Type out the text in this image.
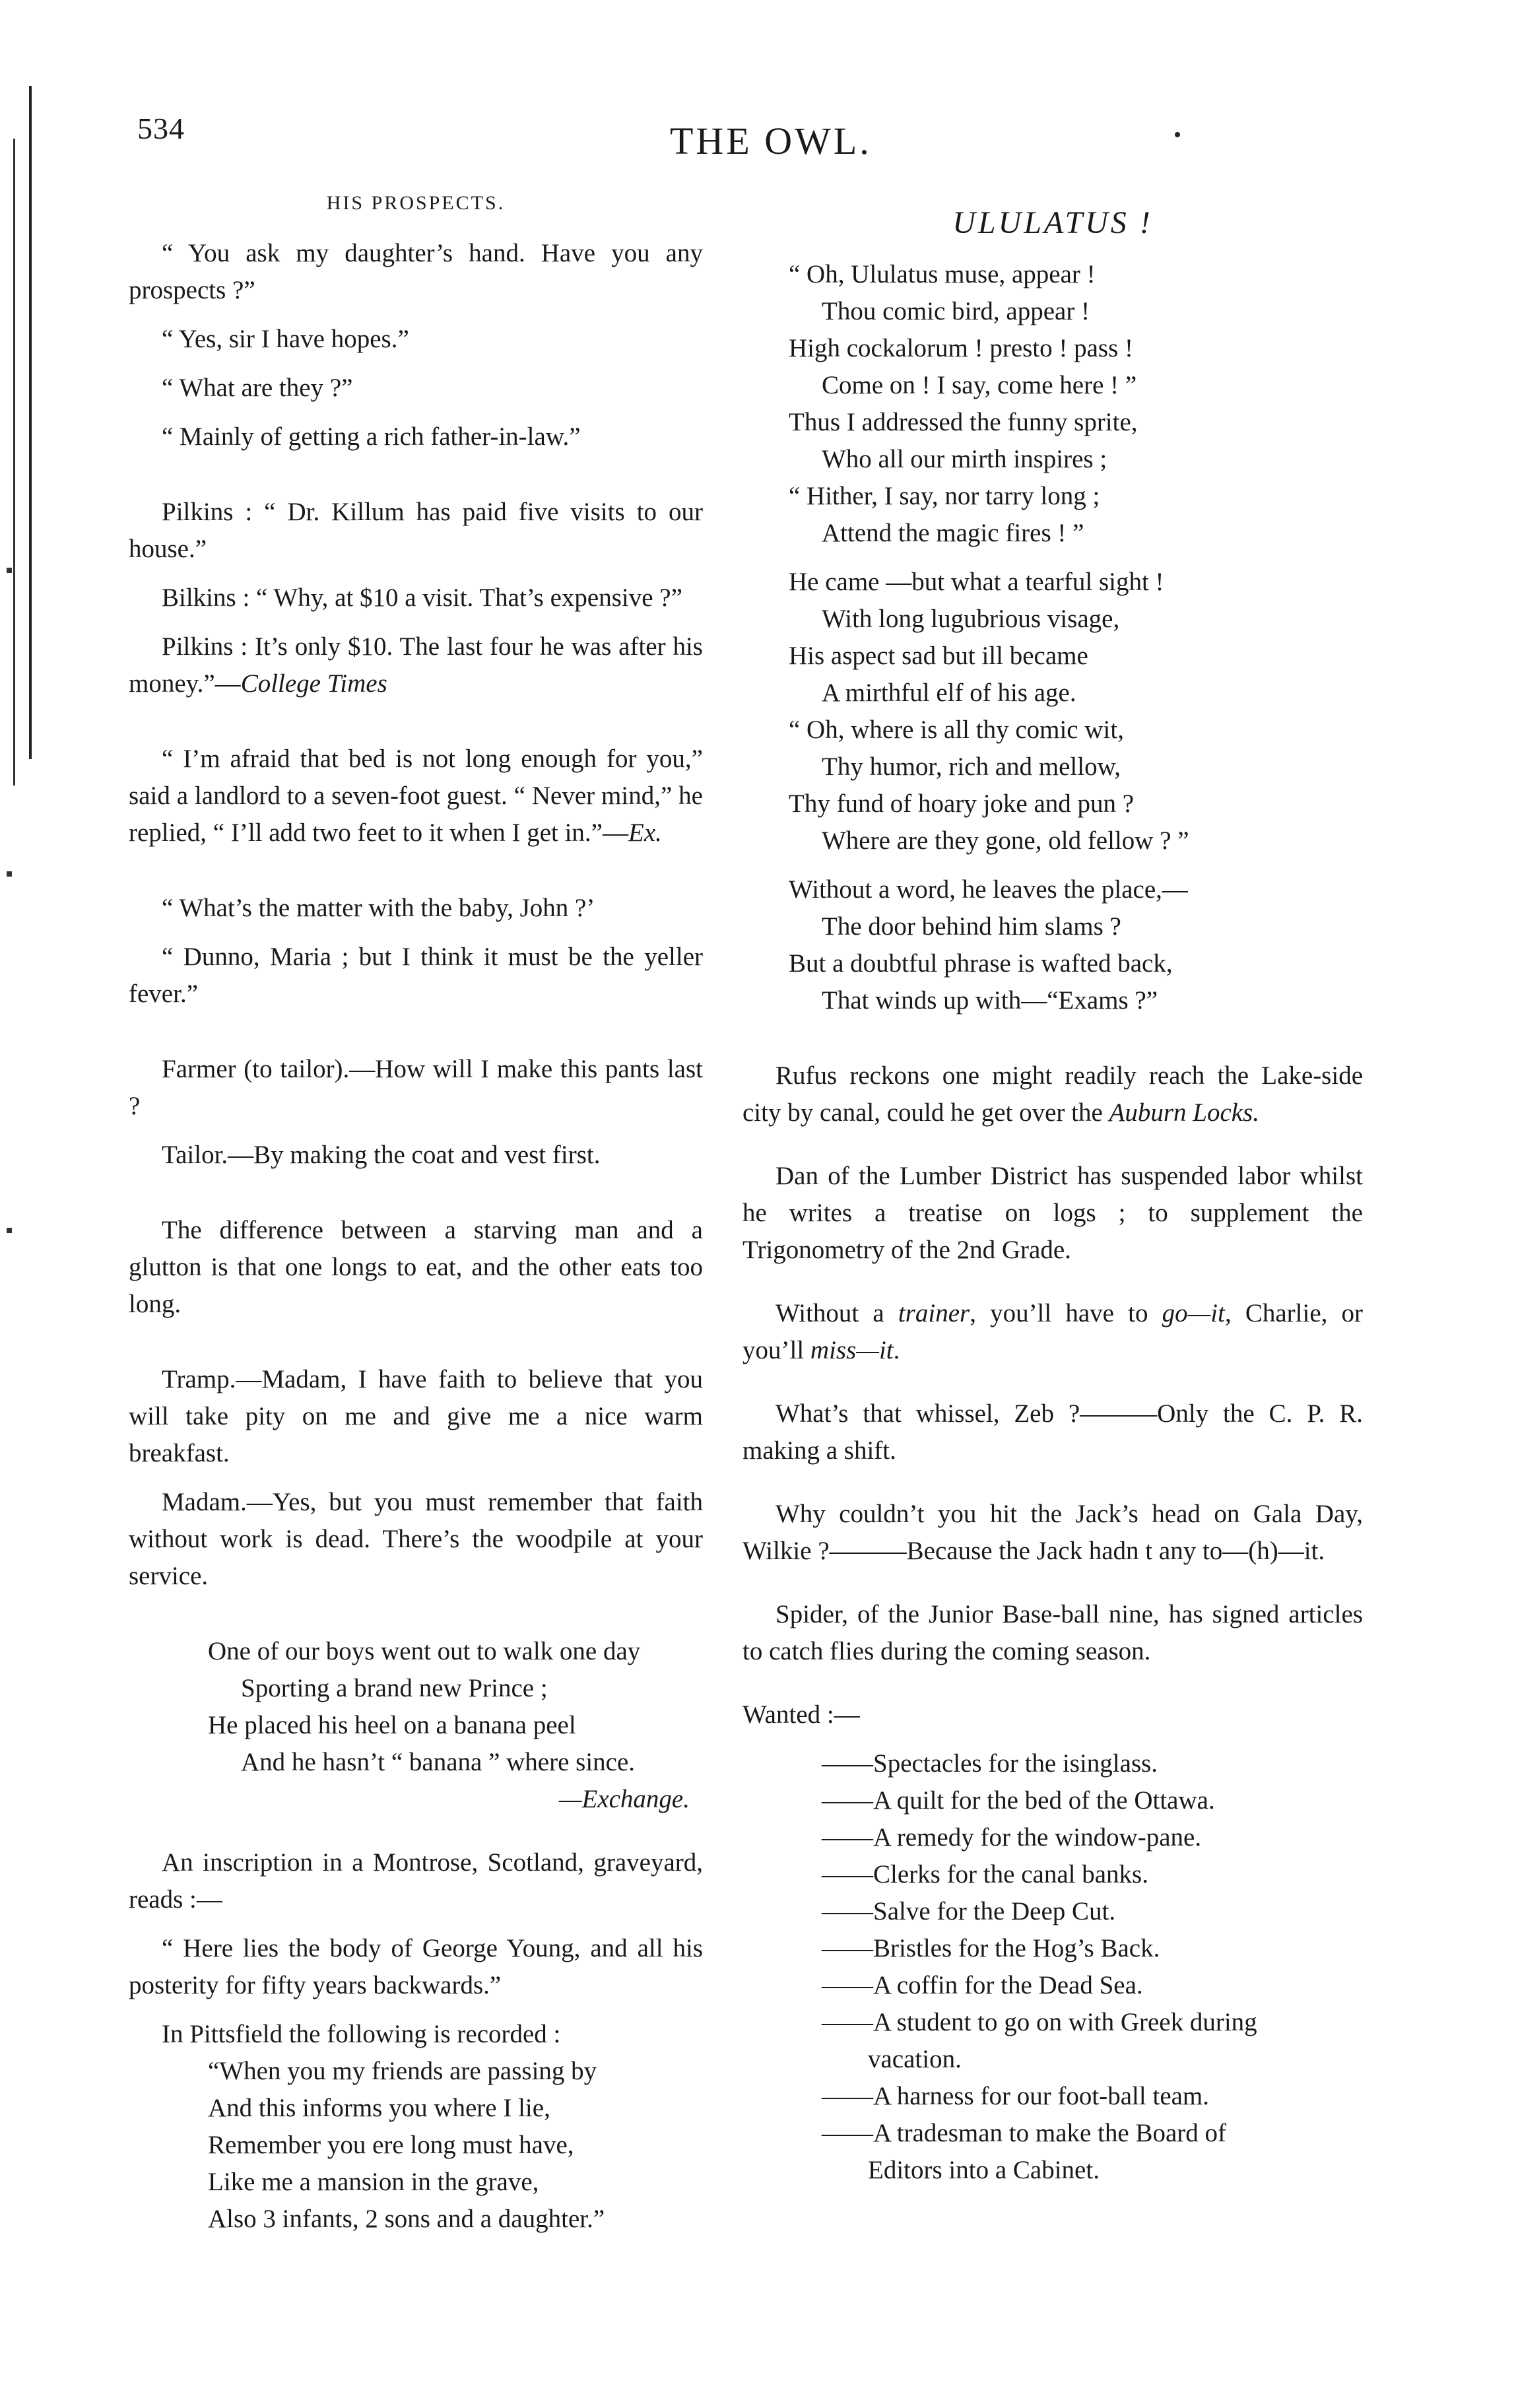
534	THE OWL.
HIS PROSPECTS.

“ You ask my daughter’s hand. Have you any prospects ?”

“ Yes, sir I have hopes.”

“ What are they ?”

“ Mainly of getting a rich father-in-law.”

Pilkins : “ Dr. Killum has paid five visits to our house.”

Bilkins : “ Why, at $10 a visit. That’s expensive ?”

Pilkins : It’s only $10. The last four he was after his money.”—College Times

“ I’m afraid that bed is not long enough for you,” said a landlord to a seven-foot guest. “ Never mind,” he replied, “ I’ll add two feet to it when I get in.”—Ex.

“ What’s the matter with the baby, John ?’

“ Dunno, Maria ; but I think it must be the yeller fever.”

Farmer (to tailor).—How will I make this pants last ?

Tailor.—By making the coat and vest first.

The difference between a starving man and a glutton is that one longs to eat, and the other eats too long.

Tramp.—Madam, I have faith to believe that you will take pity on me and give me a nice warm breakfast.

Madam.—Yes, but you must remember that faith without work is dead. There’s the woodpile at your service.

One of our boys went out to walk one day
Sporting a brand new Prince ;
He placed his heel on a banana peel
And he hasn’t “ banana ” where since.
—Exchange.

An inscription in a Montrose, Scotland, graveyard, reads :—

“ Here lies the body of George Young, and all his posterity for fifty years backwards.”

In Pittsfield the following is recorded :

“When you my friends are passing by
And this informs you where I lie,
Remember you ere long must have,
Like me a mansion in the grave,
Also 3 infants, 2 sons and a daughter.”
ULULATUS !
“ Oh, Ululatus muse, appear !
Thou comic bird, appear !
High cockalorum ! presto ! pass !
Come on ! I say, come here ! ”
Thus I addressed the funny sprite,
Who all our mirth inspires ;
“ Hither, I say, nor tarry long ;
Attend the magic fires ! ”
He came —but what a tearful sight !
With long lugubrious visage,
His aspect sad but ill became
A mirthful elf of his age.
“ Oh, where is all thy comic wit,
Thy humor, rich and mellow,
Thy fund of hoary joke and pun ?
Where are they gone, old fellow ? ”
Without a word, he leaves the place,—
The door behind him slams ?
But a doubtful phrase is wafted back,
That winds up with—“Exams ?”

Rufus reckons one might readily reach the Lake-side city by canal, could he get over the Auburn Locks.

Dan of the Lumber District has suspended labor whilst he writes a treatise on logs ; to supplement the Trigonometry of the 2nd Grade.

Without a trainer, you’ll have to go—it, Charlie, or you’ll miss—it.

What’s that whissel, Zeb ?———Only the C. P. R. making a shift.

Why couldn’t you hit the Jack’s head on Gala Day, Wilkie ?———Because the Jack hadn t any to—(h)—it.

Spider, of the Junior Base-ball nine, has signed articles to catch flies during the coming season.

Wanted :—

——Spectacles for the isinglass.
——A quilt for the bed of the Ottawa.
——A remedy for the window-pane.
——Clerks for the canal banks.
——Salve for the Deep Cut.
——Bristles for the Hog’s Back.
——A coffin for the Dead Sea.
——A student to go on with Greek during
vacation.
——A harness for our foot-ball team.
——A tradesman to make the Board of
Editors into a Cabinet.
